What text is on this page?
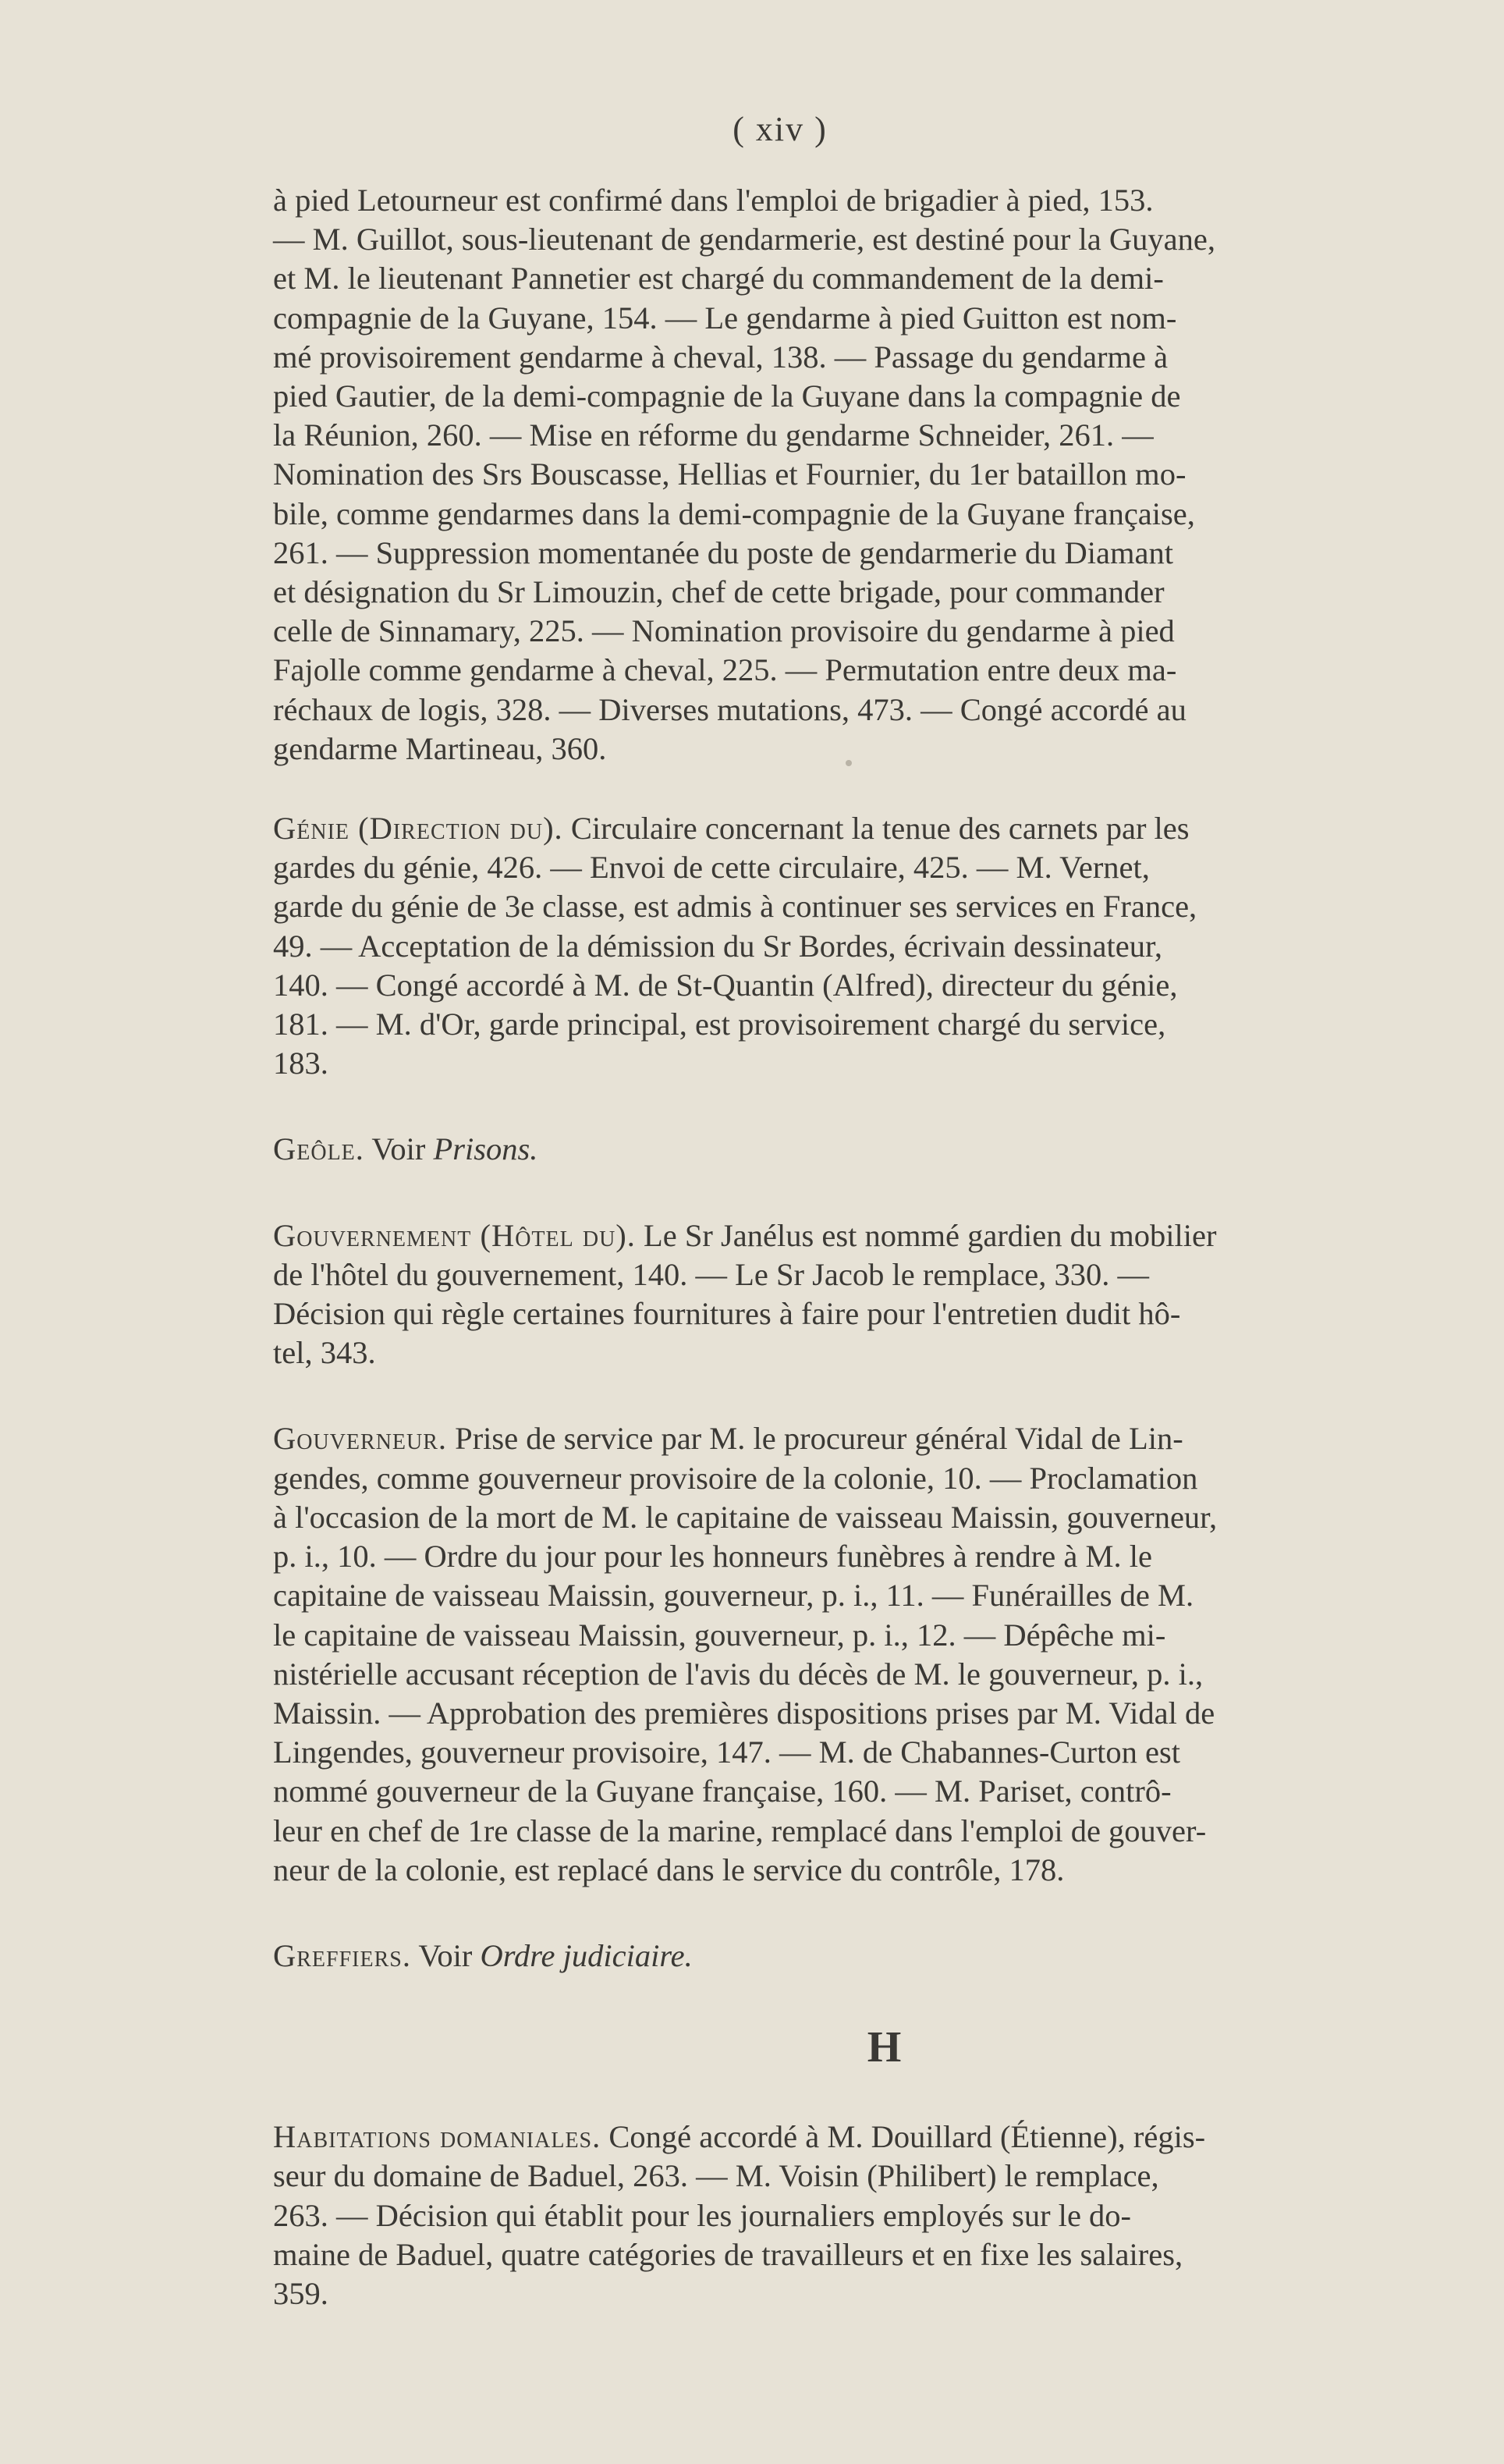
( xiv )

à pied Letourneur est confirmé dans l'emploi de brigadier à pied, 153.
— M. Guillot, sous-lieutenant de gendarmerie, est destiné pour la Guyane,
et M. le lieutenant Pannetier est chargé du commandement de la demi-
compagnie de la Guyane, 154. — Le gendarme à pied Guitton est nom-
mé provisoirement gendarme à cheval, 138. — Passage du gendarme à
pied Gautier, de la demi-compagnie de la Guyane dans la compagnie de
la Réunion, 260. — Mise en réforme du gendarme Schneider, 261. —
Nomination des Srs Bouscasse, Hellias et Fournier, du 1er bataillon mo-
bile, comme gendarmes dans la demi-compagnie de la Guyane française,
261. — Suppression momentanée du poste de gendarmerie du Diamant
et désignation du Sr Limouzin, chef de cette brigade, pour commander
celle de Sinnamary, 225. — Nomination provisoire du gendarme à pied
Fajolle comme gendarme à cheval, 225. — Permutation entre deux ma-
réchaux de logis, 328. — Diverses mutations, 473. — Congé accordé au
gendarme Martineau, 360.

Génie (Direction du). Circulaire concernant la tenue des carnets par les
gardes du génie, 426. — Envoi de cette circulaire, 425. — M. Vernet,
garde du génie de 3e classe, est admis à continuer ses services en France,
49. — Acceptation de la démission du Sr Bordes, écrivain dessinateur,
140. — Congé accordé à M. de St-Quantin (Alfred), directeur du génie,
181. — M. d'Or, garde principal, est provisoirement chargé du service,
183.

Geôle. Voir Prisons.

Gouvernement (Hôtel du). Le Sr Janélus est nommé gardien du mobilier
de l'hôtel du gouvernement, 140. — Le Sr Jacob le remplace, 330. —
Décision qui règle certaines fournitures à faire pour l'entretien dudit hô-
tel, 343.

Gouverneur. Prise de service par M. le procureur général Vidal de Lin-
gendes, comme gouverneur provisoire de la colonie, 10. — Proclamation
à l'occasion de la mort de M. le capitaine de vaisseau Maissin, gouverneur,
p. i., 10. — Ordre du jour pour les honneurs funèbres à rendre à M. le
capitaine de vaisseau Maissin, gouverneur, p. i., 11. — Funérailles de M.
le capitaine de vaisseau Maissin, gouverneur, p. i., 12. — Dépêche mi-
nistérielle accusant réception de l'avis du décès de M. le gouverneur, p. i.,
Maissin. — Approbation des premières dispositions prises par M. Vidal de
Lingendes, gouverneur provisoire, 147. — M. de Chabannes-Curton est
nommé gouverneur de la Guyane française, 160. — M. Pariset, contrô-
leur en chef de 1re classe de la marine, remplacé dans l'emploi de gouver-
neur de la colonie, est replacé dans le service du contrôle, 178.

Greffiers. Voir Ordre judiciaire.

H

Habitations domaniales. Congé accordé à M. Douillard (Étienne), régis-
seur du domaine de Baduel, 263. — M. Voisin (Philibert) le remplace,
263. — Décision qui établit pour les journaliers employés sur le do-
maine de Baduel, quatre catégories de travailleurs et en fixe les salaires,
359.
